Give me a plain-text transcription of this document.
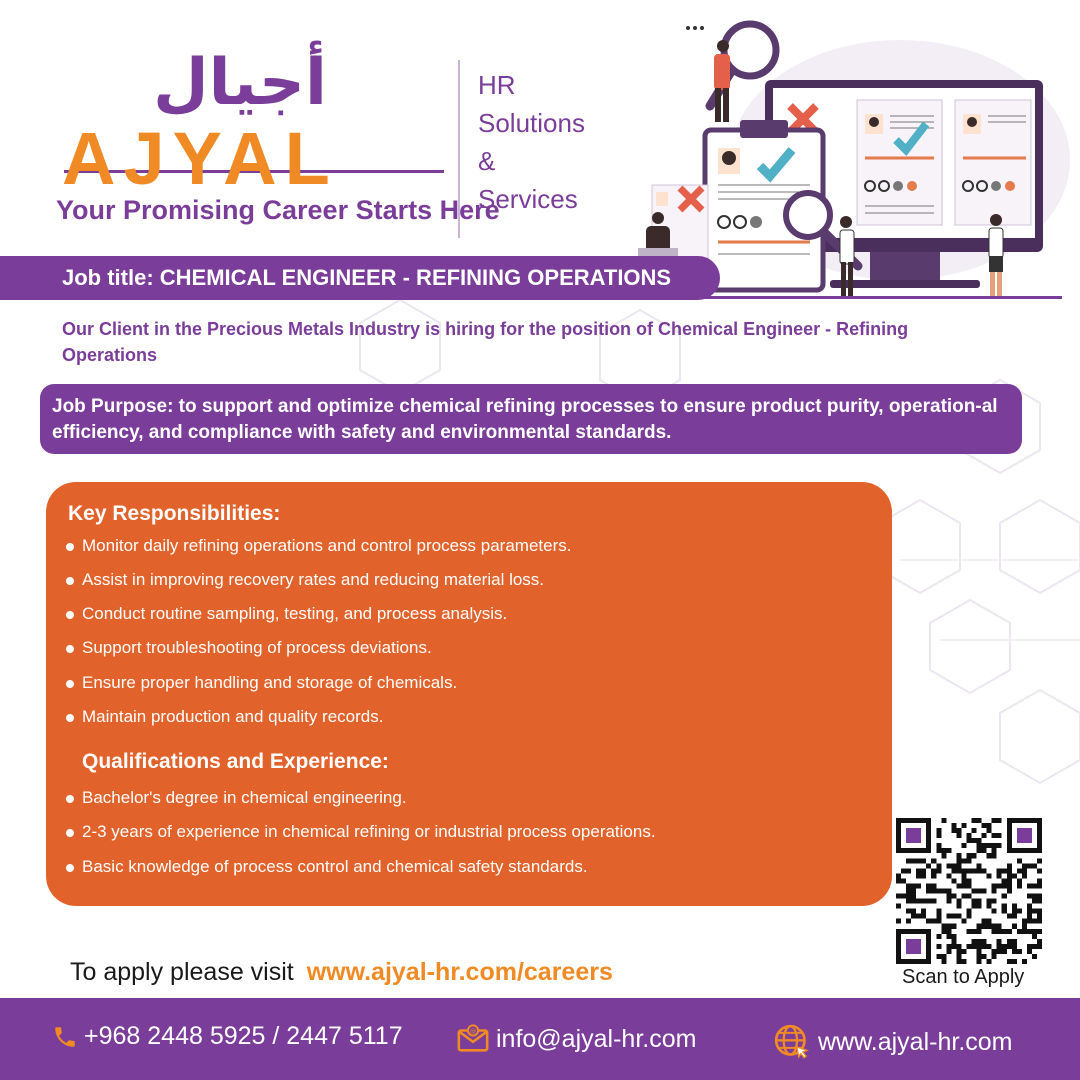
أجيال	HR
Solutions
& Services
AJYAL
Your Promising Career Starts Here
Job title: CHEMICAL ENGINEER - REFINING OPERATIONS
Our Client in the Precious Metals Industry is hiring for the position of Chemical Engineer - Refining Operations
Job Purpose: to support and optimize chemical refining processes to ensure product purity, operation-al efficiency, and compliance with safety and environmental standards.
Key Responsibilities:
Monitor daily refining operations and control process parameters.
Assist in improving recovery rates and reducing material loss.
Conduct routine sampling, testing, and process analysis.
Support troubleshooting of process deviations.
Ensure proper handling and storage of chemicals.
Maintain production and quality records.
Qualifications and Experience:
Bachelor's degree in chemical engineering.
2-3 years of experience in chemical refining or industrial process operations.
Basic knowledge of process control and chemical safety standards.
To apply please visit www.ajyal-hr.com/careers	Scan to Apply
+968 2448 5925 / 2447 5117	@ info@ajyal-hr.com	www.ajyal-hr.com
